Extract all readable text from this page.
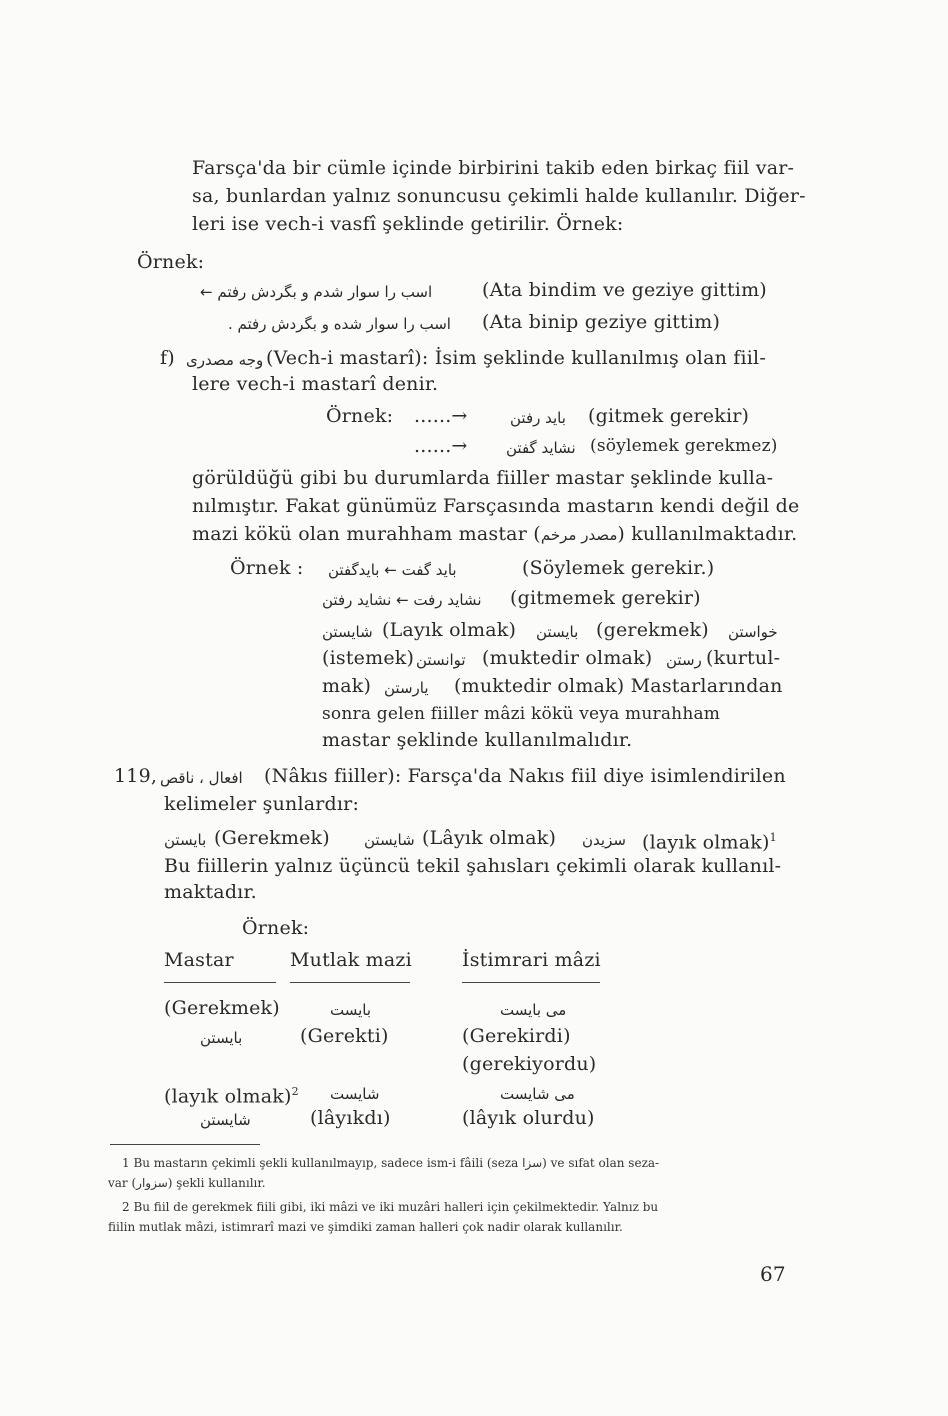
Farsça'da bir cümle içinde birbirini takib eden birkaç fiil var-
sa, bunlardan yalnız sonuncusu çekimli halde kullanılır. Diğer-
leri ise vech-i vasfî şeklinde getirilir. Örnek:
Örnek:
اسب را سوار شدم و بگردش رفتم ←	(Ata bindim ve geziye gittim)
اسب را سوار شده و بگردش رفتم . (Ata binip geziye gittim)
f) وجه مصدری (Vech-i mastarî): İsim şeklinde kullanılmış olan fiil-
lere vech-i mastarî denir.
Örnek: ......→	باید رفتن (gitmek gerekir)
......→	نشاید گفتن (söylemek gerekmez)
görüldüğü gibi bu durumlarda fiiller mastar şeklinde kulla-
nılmıştır. Fakat günümüz Farsçasında mastarın kendi değil de
mazi kökü olan murahham mastar (مصدر مرخم) kullanılmaktadır.
Örnek : باید گفت ← بایدگفتن	(Söylemek gerekir.)
نشاید رفت ← نشاید رفتن (gitmemek gerekir)
شایستن (Layık olmak) بایستن (gerekmek) خواستن
(istemek) توانستن (muktedir olmak) رستن (kurtul-
mak) یارستن (muktedir olmak) Mastarlarından
sonra gelen fiiller mâzi kökü veya murahham
mastar şeklinde kullanılmalıdır.
119, افعال ، ناقص (Nâkıs fiiller): Farsça'da Nakıs fiil diye isimlendirilen
kelimeler şunlardır:
بایستن (Gerekmek) شایستن (Lâyık olmak) سزیدن (layık olmak)$^1$
Bu fiillerin yalnız üçüncü tekil şahısları çekimli olarak kullanıl-
maktadır.
Örnek:
Mastar	Mutlak mazi	İstimrari mâzi
(Gerekmek)	بایست	می بایست
بایستن	(Gerekti)	(Gerekirdi)
(gerekiyordu)
(layık olmak)$^2$ شایست	می شایست
شایستن	(lâyıkdı)	(lâyık olurdu)
1 Bu mastarın çekimli şekli kullanılmayıp, sadece ism-i fâili (seza سزا) ve sıfat olan seza-
var (سزوار) şekli kullanılır.
2 Bu fiil de gerekmek fiili gibi, iki mâzi ve iki muzâri halleri için çekilmektedir. Yalnız bu
fiilin mutlak mâzi, istimrarî mazi ve şimdiki zaman halleri çok nadir olarak kullanılır.
67
